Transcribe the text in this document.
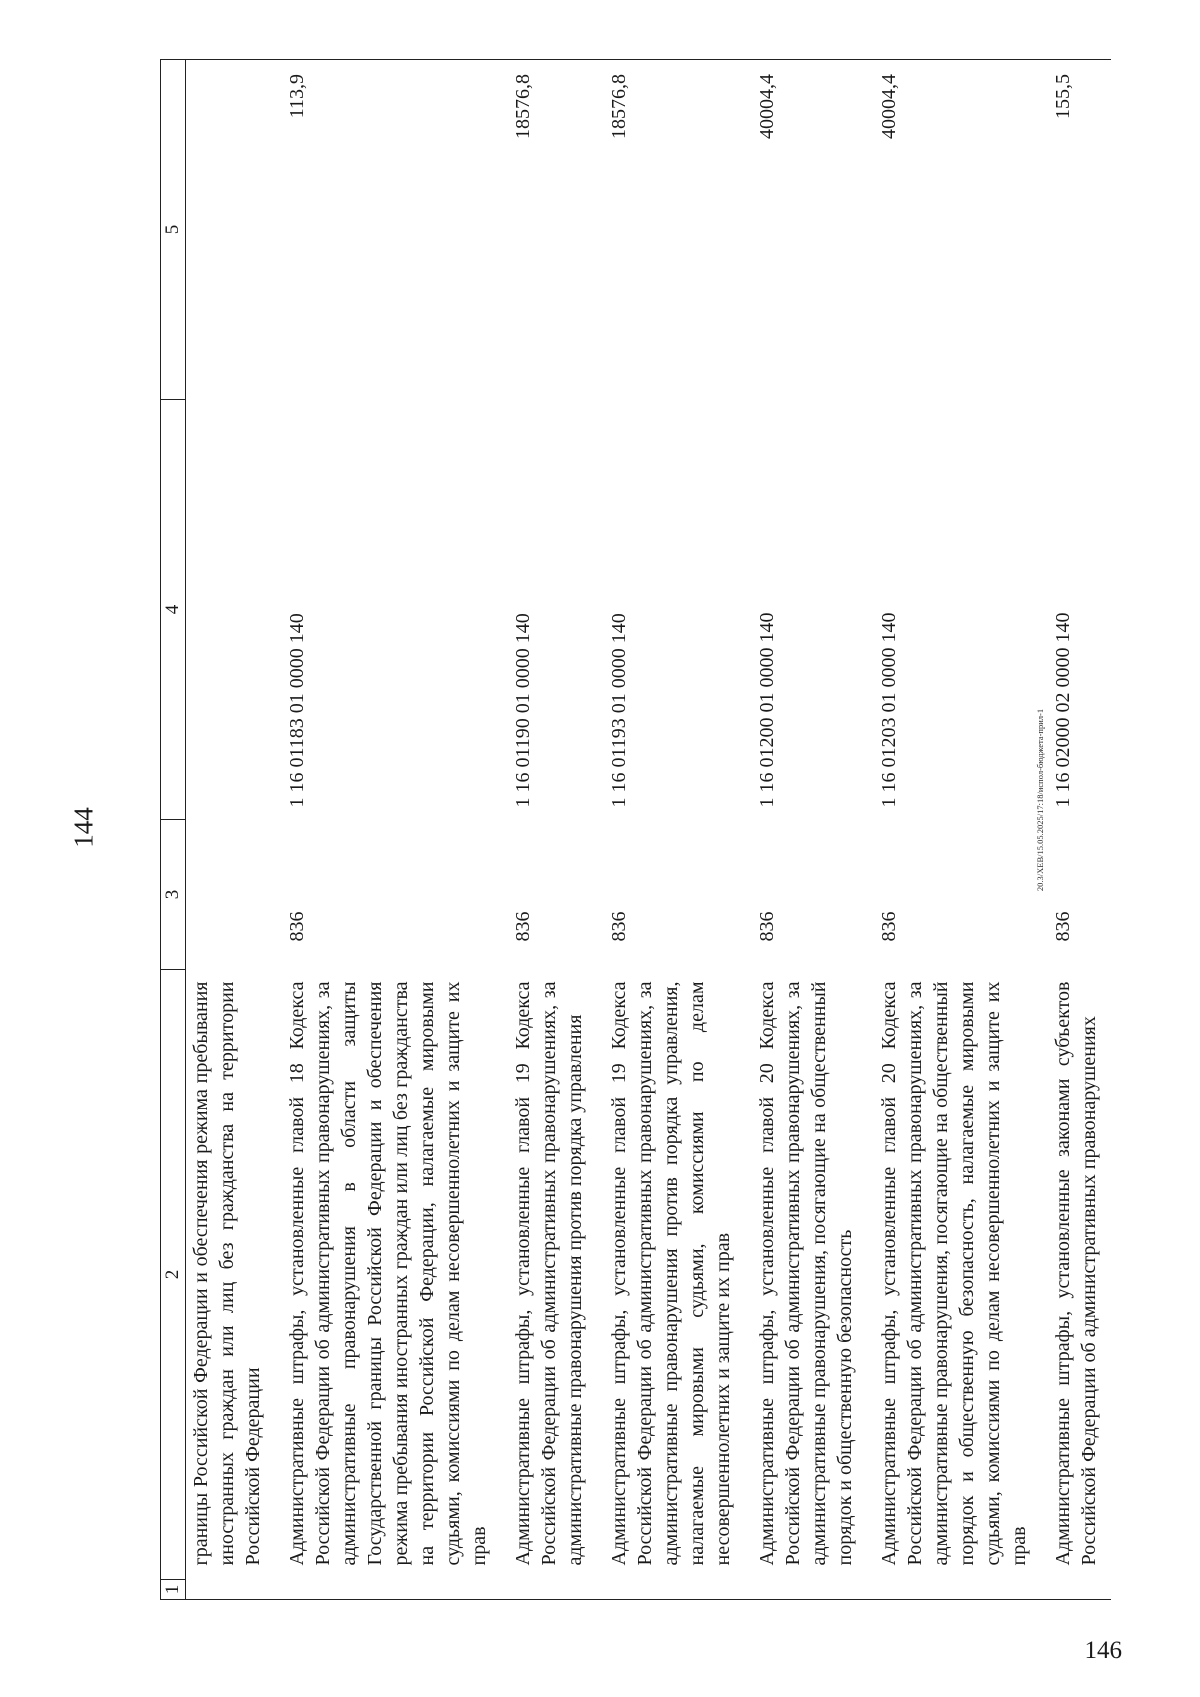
144
1	2	3	4	5
	границы Российской Федерации и обеспечения режима пребывания иностранных граждан или лиц без гражданства на территории Российской Федерации			
	Административные штрафы, установленные главой 18 Кодекса Российской Федерации об административных правонарушениях, за административные правонарушения в области защиты Государственной границы Российской Федерации и обеспечения режима пребывания иностранных граждан или лиц без гражданства на территории Российской Федерации, налагаемые мировыми судьями, комиссиями по делам несовершеннолетних и защите их прав	836	1 16 01183 01 0000 140	113,9
	Административные штрафы, установленные главой 19 Кодекса Российской Федерации об административных правонарушениях, за административные правонарушения против порядка управления	836	1 16 01190 01 0000 140	18576,8
	Административные штрафы, установленные главой 19 Кодекса Российской Федерации об административных правонарушениях, за административные правонарушения против порядка управления, налагаемые мировыми судьями, комиссиями по делам несовершеннолетних и защите их прав	836	1 16 01193 01 0000 140	18576,8
	Административные штрафы, установленные главой 20 Кодекса Российской Федерации об административных правонарушениях, за административные правонарушения, посягающие на общественный порядок и общественную безопасность	836	1 16 01200 01 0000 140	40004,4
	Административные штрафы, установленные главой 20 Кодекса Российской Федерации об административных правонарушениях, за административные правонарушения, посягающие на общественный порядок и общественную безопасность, налагаемые мировыми судьями, комиссиями по делам несовершеннолетних и защите их прав	836	1 16 01203 01 0000 140	40004,4
	Административные штрафы, установленные законами субъектов Российской Федерации об административных правонарушениях	836	1 16 02000 02 0000 140	155,5
20.3/XEB/15.05.2025/17:18/испол-бюджета-прил-1
146
